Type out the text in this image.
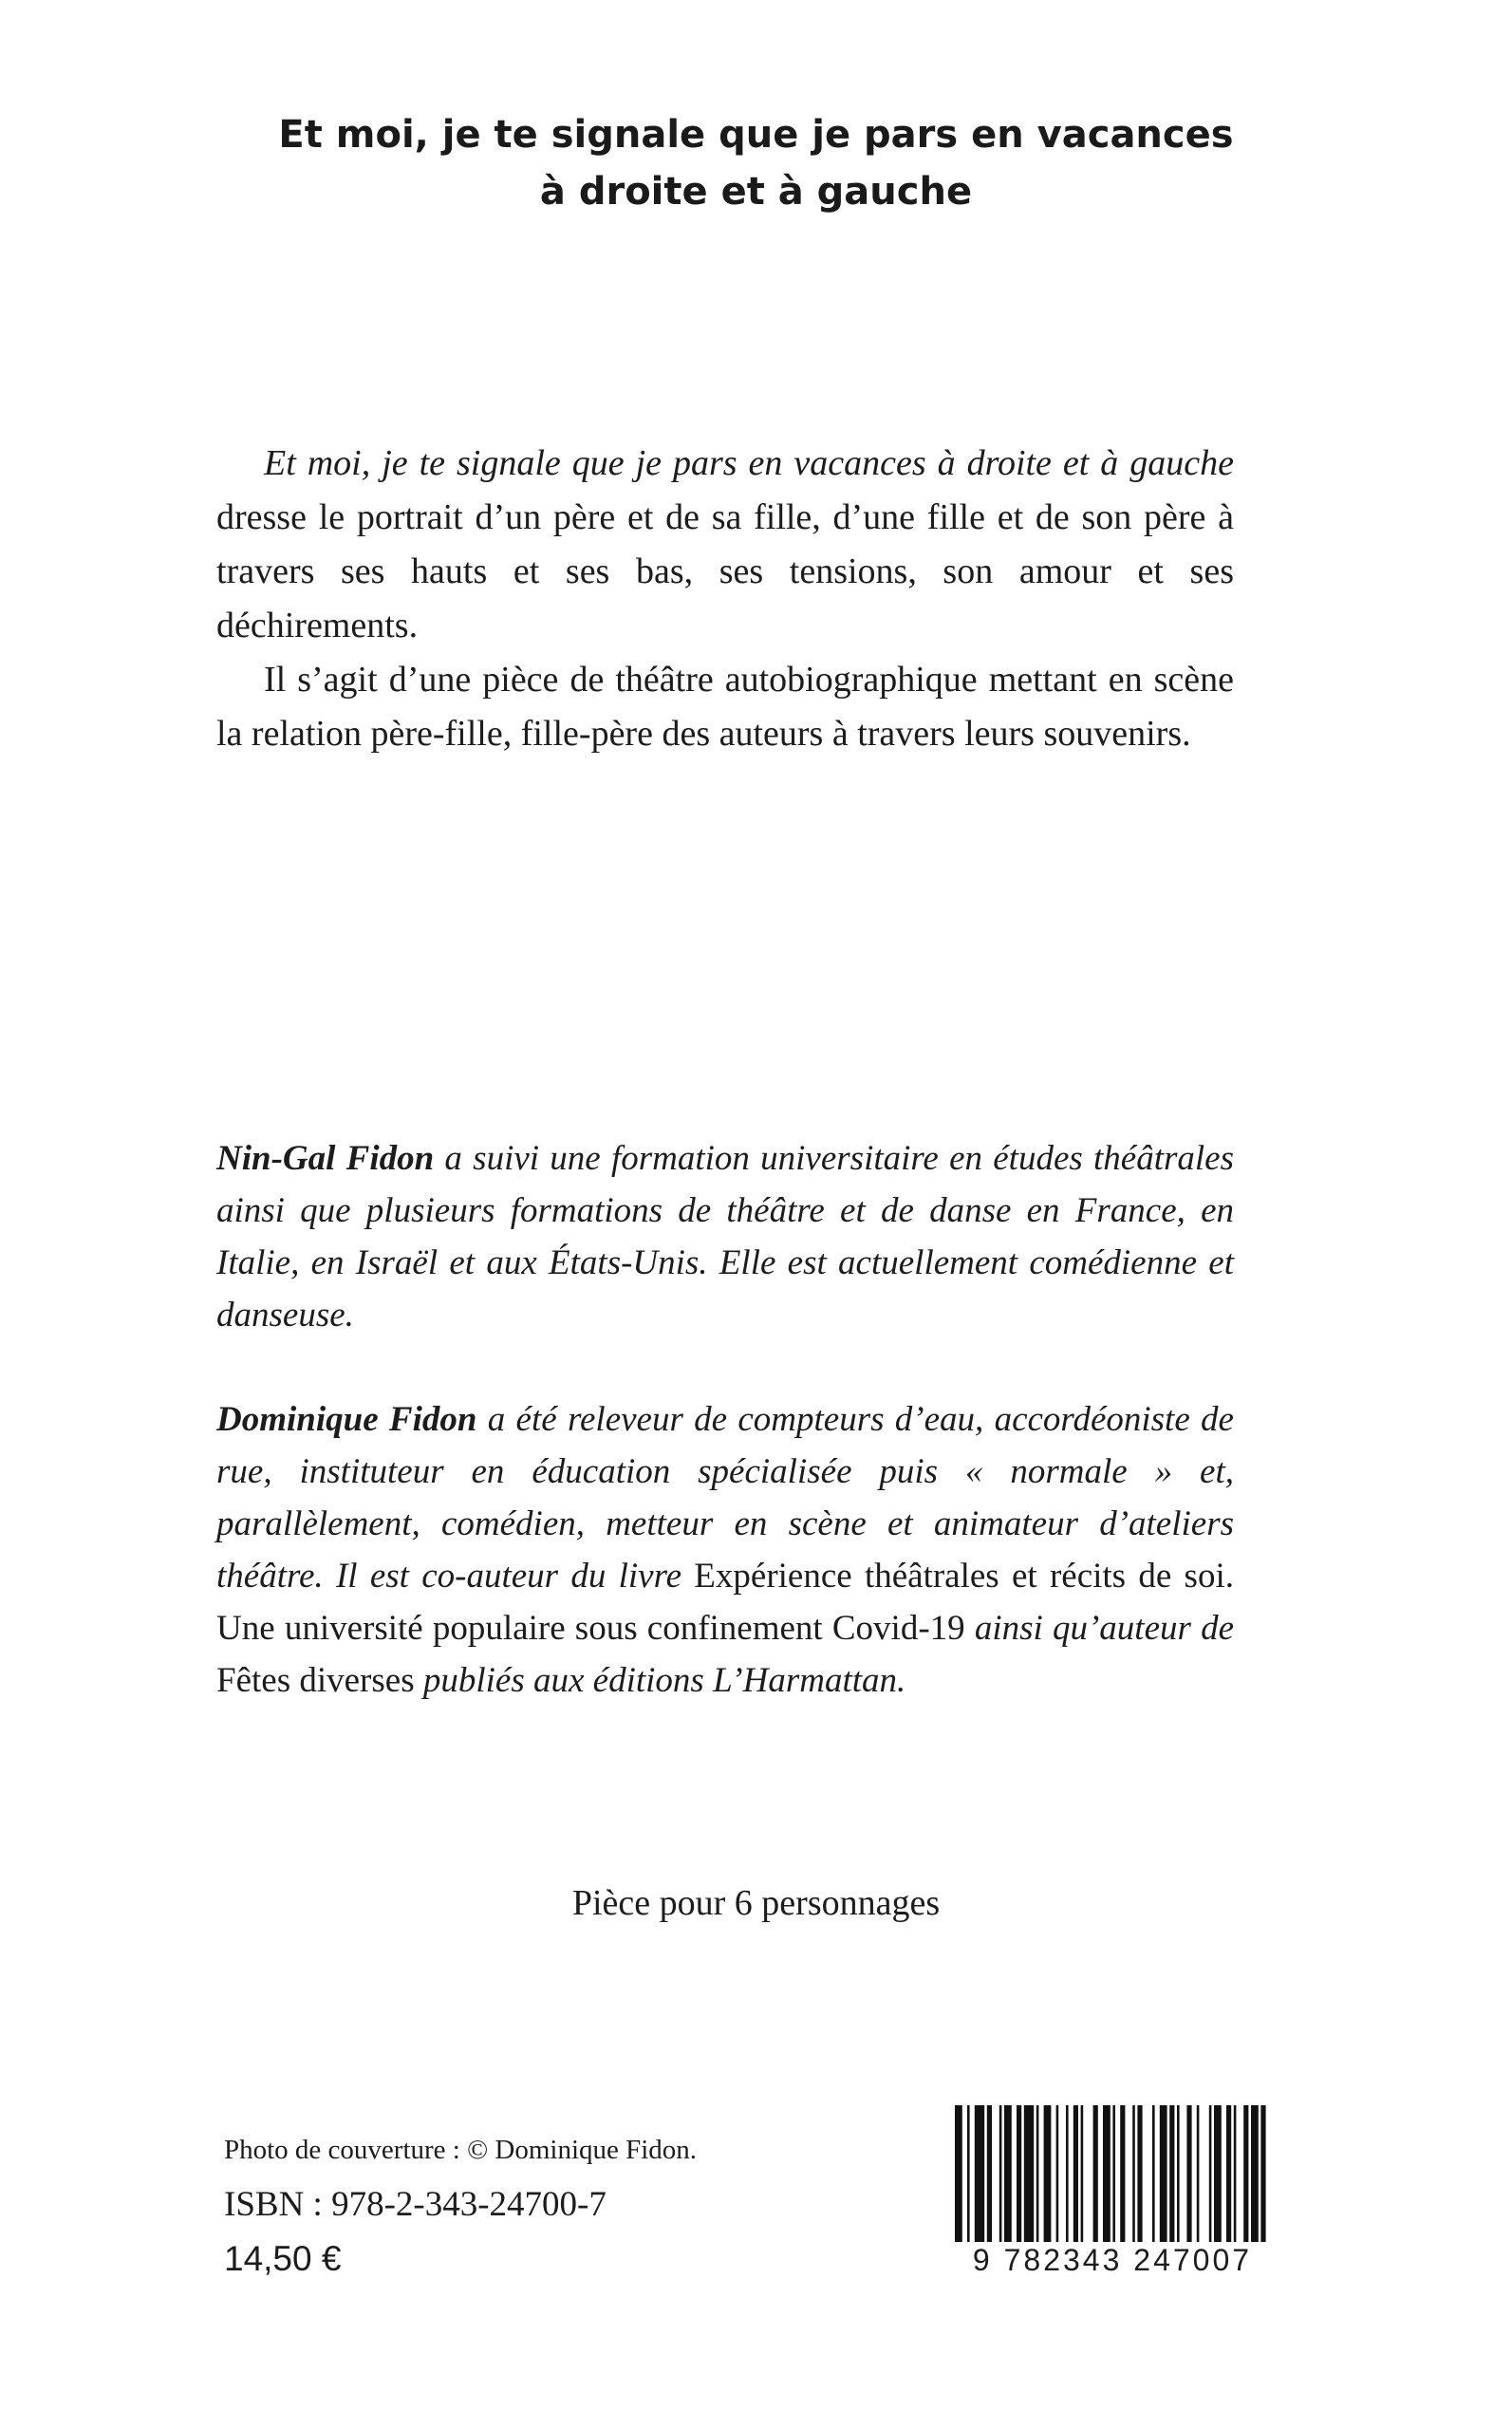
Et moi, je te signale que je pars en vacances
à droite et à gauche

Et moi, je te signale que je pars en vacances à droite et à gauche dresse le portrait d’un père et de sa fille, d’une fille et de son père à travers ses hauts et ses bas, ses tensions, son amour et ses déchirements.

Il s’agit d’une pièce de théâtre autobiographique mettant en scène la relation père-fille, fille-père des auteurs à travers leurs souvenirs.

Nin-Gal Fidon a suivi une formation universitaire en études théâtrales ainsi que plusieurs formations de théâtre et de danse en France, en Italie, en Israël et aux États-Unis. Elle est actuellement comédienne et danseuse.

Dominique Fidon a été releveur de compteurs d’eau, accordéoniste de rue, instituteur en éducation spécialisée puis « normale » et, parallèlement, comédien, metteur en scène et animateur d’ateliers théâtre. Il est co-auteur du livre Expérience théâtrales et récits de soi. Une université populaire sous confinement Covid-19 ainsi qu’auteur de Fêtes diverses publiés aux éditions L’Harmattan.

Pièce pour 6 personnages
Photo de couverture : © Dominique Fidon.
ISBN : 978-2-343-24700-7
14,50 €	9 782343 247007
